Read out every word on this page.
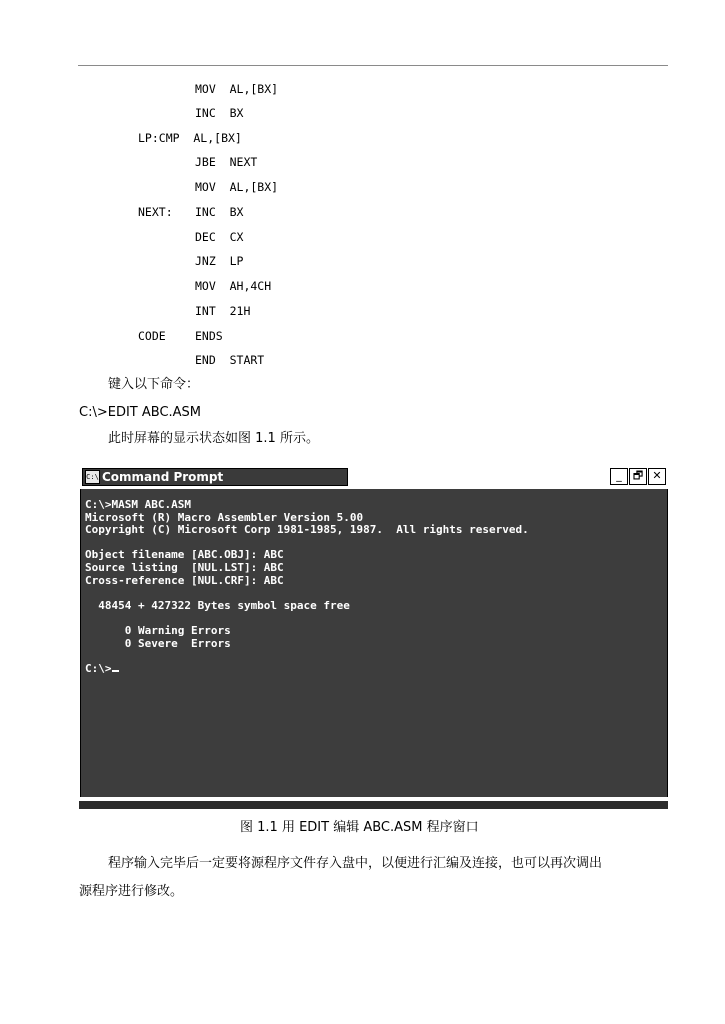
LP:CMP  AL,[BX]
NEXT:
CODE
MOV  AL,[BX]
INC  BX
JBE  NEXT
MOV  AL,[BX]
INC  BX
DEC  CX
JNZ  LP
MOV  AH,4CH
INT  21H
ENDS
END  START
键入以下命令：
C:\>EDIT ABC.ASM
此时屏幕的显示状态如图 1.1 所示。
C:\ Command Prompt	_	🗗 ✕
C:\>MASM ABC.ASM
Microsoft (R) Macro Assembler Version 5.00
Copyright (C) Microsoft Corp 1981-1985, 1987.  All rights reserved.

Object filename [ABC.OBJ]: ABC
Source listing  [NUL.LST]: ABC
Cross-reference [NUL.CRF]: ABC

48454 + 427322 Bytes symbol space free

0 Warning Errors
0 Severe  Errors

C:\>
图 1.1 用 EDIT 编辑 ABC.ASM 程序窗口
程序输入完毕后一定要将源程序文件存入盘中，以便进行汇编及连接，也可以再次调出
源程序进行修改。
